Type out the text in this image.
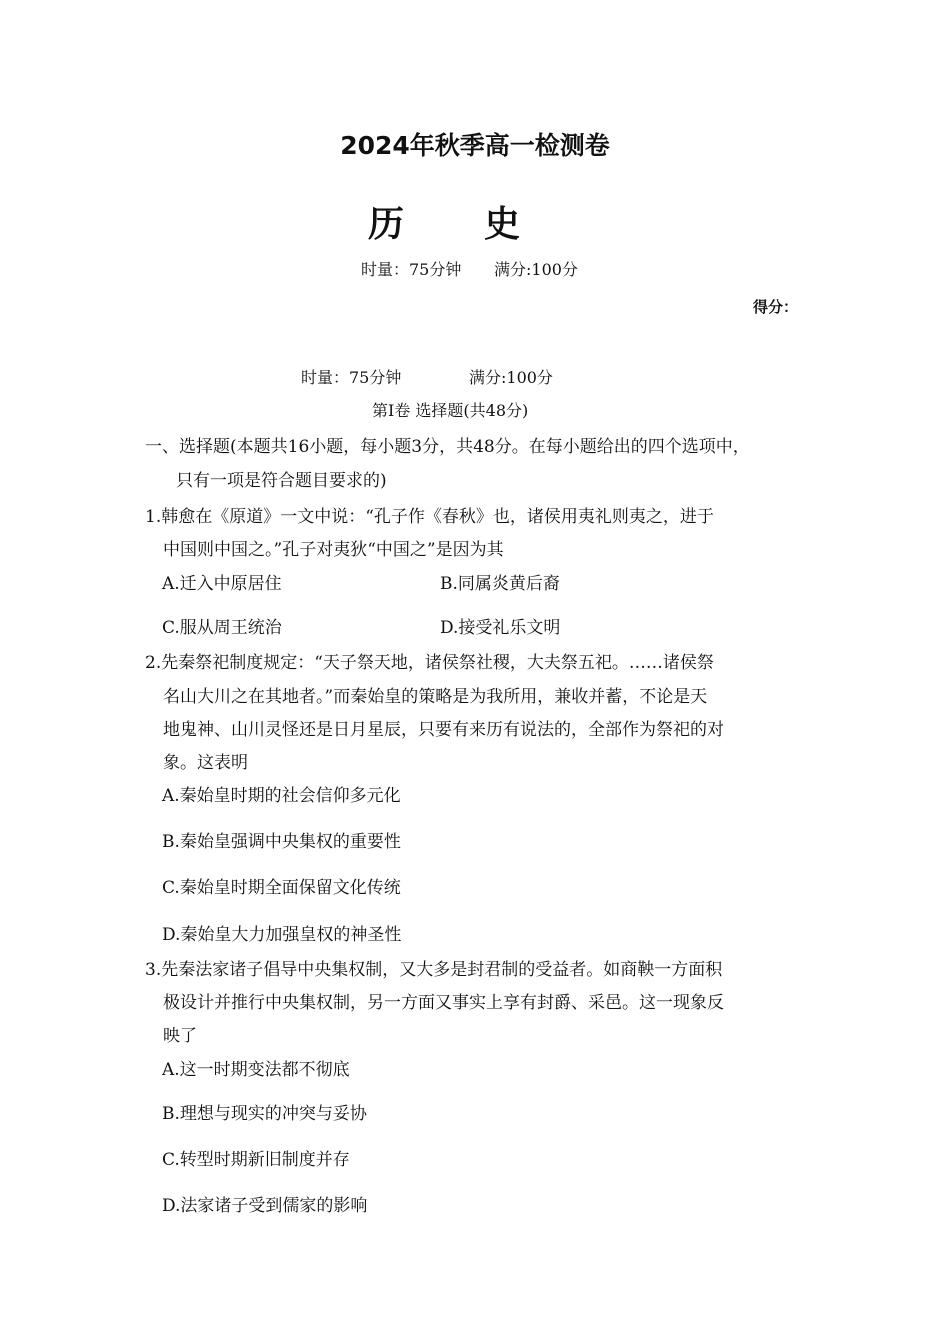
2024年秋季高一检测卷
历 史
时量：75分钟 满分:100分
得分：
时量：75分钟	满分:100分
第Ⅰ卷 选择题(共48分)
一、选择题(本题共16小题，每小题3分，共48分。在每小题给出的四个选项中，
只有一项是符合题目要求的)
1.韩愈在《原道》一文中说：“孔子作《春秋》也，诸侯用夷礼则夷之，进于
中国则中国之。”孔子对夷狄“中国之”是因为其
A.迁入中原居住	B.同属炎黄后裔
C.服从周王统治	D.接受礼乐文明
2.先秦祭祀制度规定：“天子祭天地，诸侯祭社稷，大夫祭五祀。……诸侯祭
名山大川之在其地者。”而秦始皇的策略是为我所用，兼收并蓄，不论是天
地鬼神、山川灵怪还是日月星辰，只要有来历有说法的，全部作为祭祀的对
象。这表明
A.秦始皇时期的社会信仰多元化
B.秦始皇强调中央集权的重要性
C.秦始皇时期全面保留文化传统
D.秦始皇大力加强皇权的神圣性
3.先秦法家诸子倡导中央集权制，又大多是封君制的受益者。如商鞅一方面积
极设计并推行中央集权制，另一方面又事实上享有封爵、采邑。这一现象反
映了
A.这一时期变法都不彻底
B.理想与现实的冲突与妥协
C.转型时期新旧制度并存
D.法家诸子受到儒家的影响
